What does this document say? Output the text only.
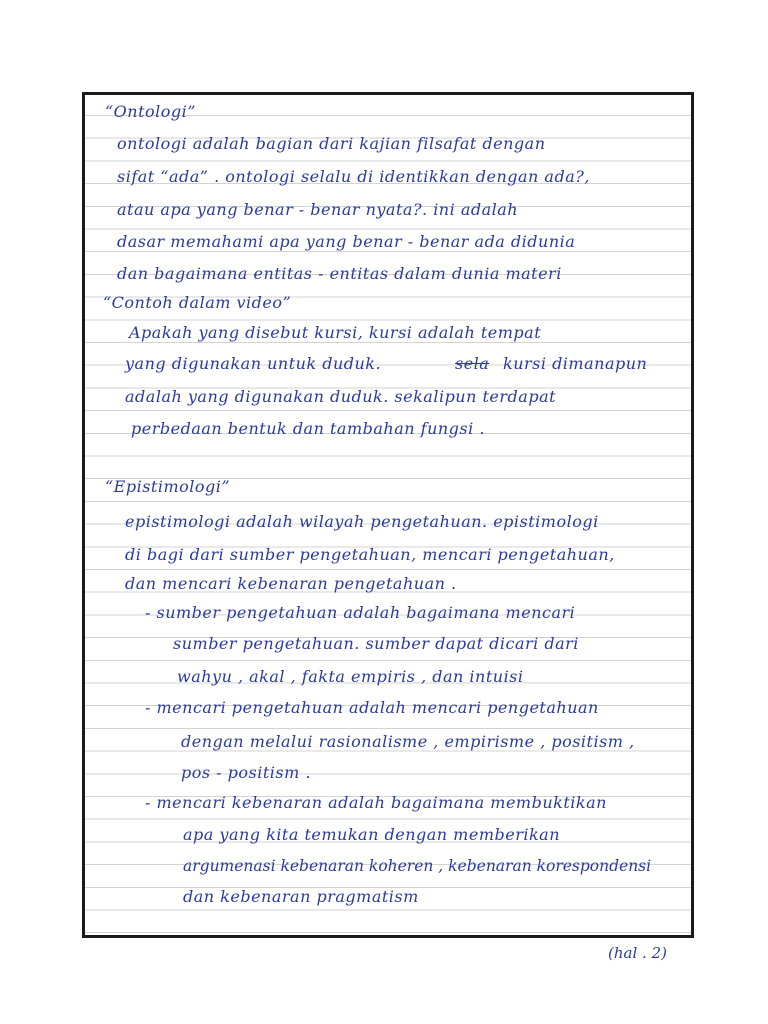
“Ontologi”
ontologi adalah bagian dari kajian filsafat dengan
sifat “ada” . ontologi selalu di identikkan dengan ada?,
atau apa yang benar - benar nyata?. ini adalah
dasar memahami apa yang benar - benar ada didunia
dan bagaimana entitas - entitas dalam dunia materi
“Contoh dalam video”
Apakah yang disebut kursi, kursi adalah tempat
yang digunakan untuk duduk.	sela kursi dimanapun
adalah yang digunakan duduk. sekalipun terdapat
perbedaan bentuk dan tambahan fungsi .
“Epistimologi”
epistimologi adalah wilayah pengetahuan. epistimologi
di bagi dari sumber pengetahuan, mencari pengetahuan,
dan mencari kebenaran pengetahuan .
- sumber pengetahuan adalah bagaimana mencari
sumber pengetahuan. sumber dapat dicari dari
wahyu , akal , fakta empiris , dan intuisi
- mencari pengetahuan adalah mencari pengetahuan
dengan melalui rasionalisme , empirisme , positism ,
pos - positism .
- mencari kebenaran adalah bagaimana membuktikan
apa yang kita temukan dengan memberikan
argumenasi kebenaran koheren , kebenaran korespondensi
dan kebenaran pragmatism
(hal . 2)
